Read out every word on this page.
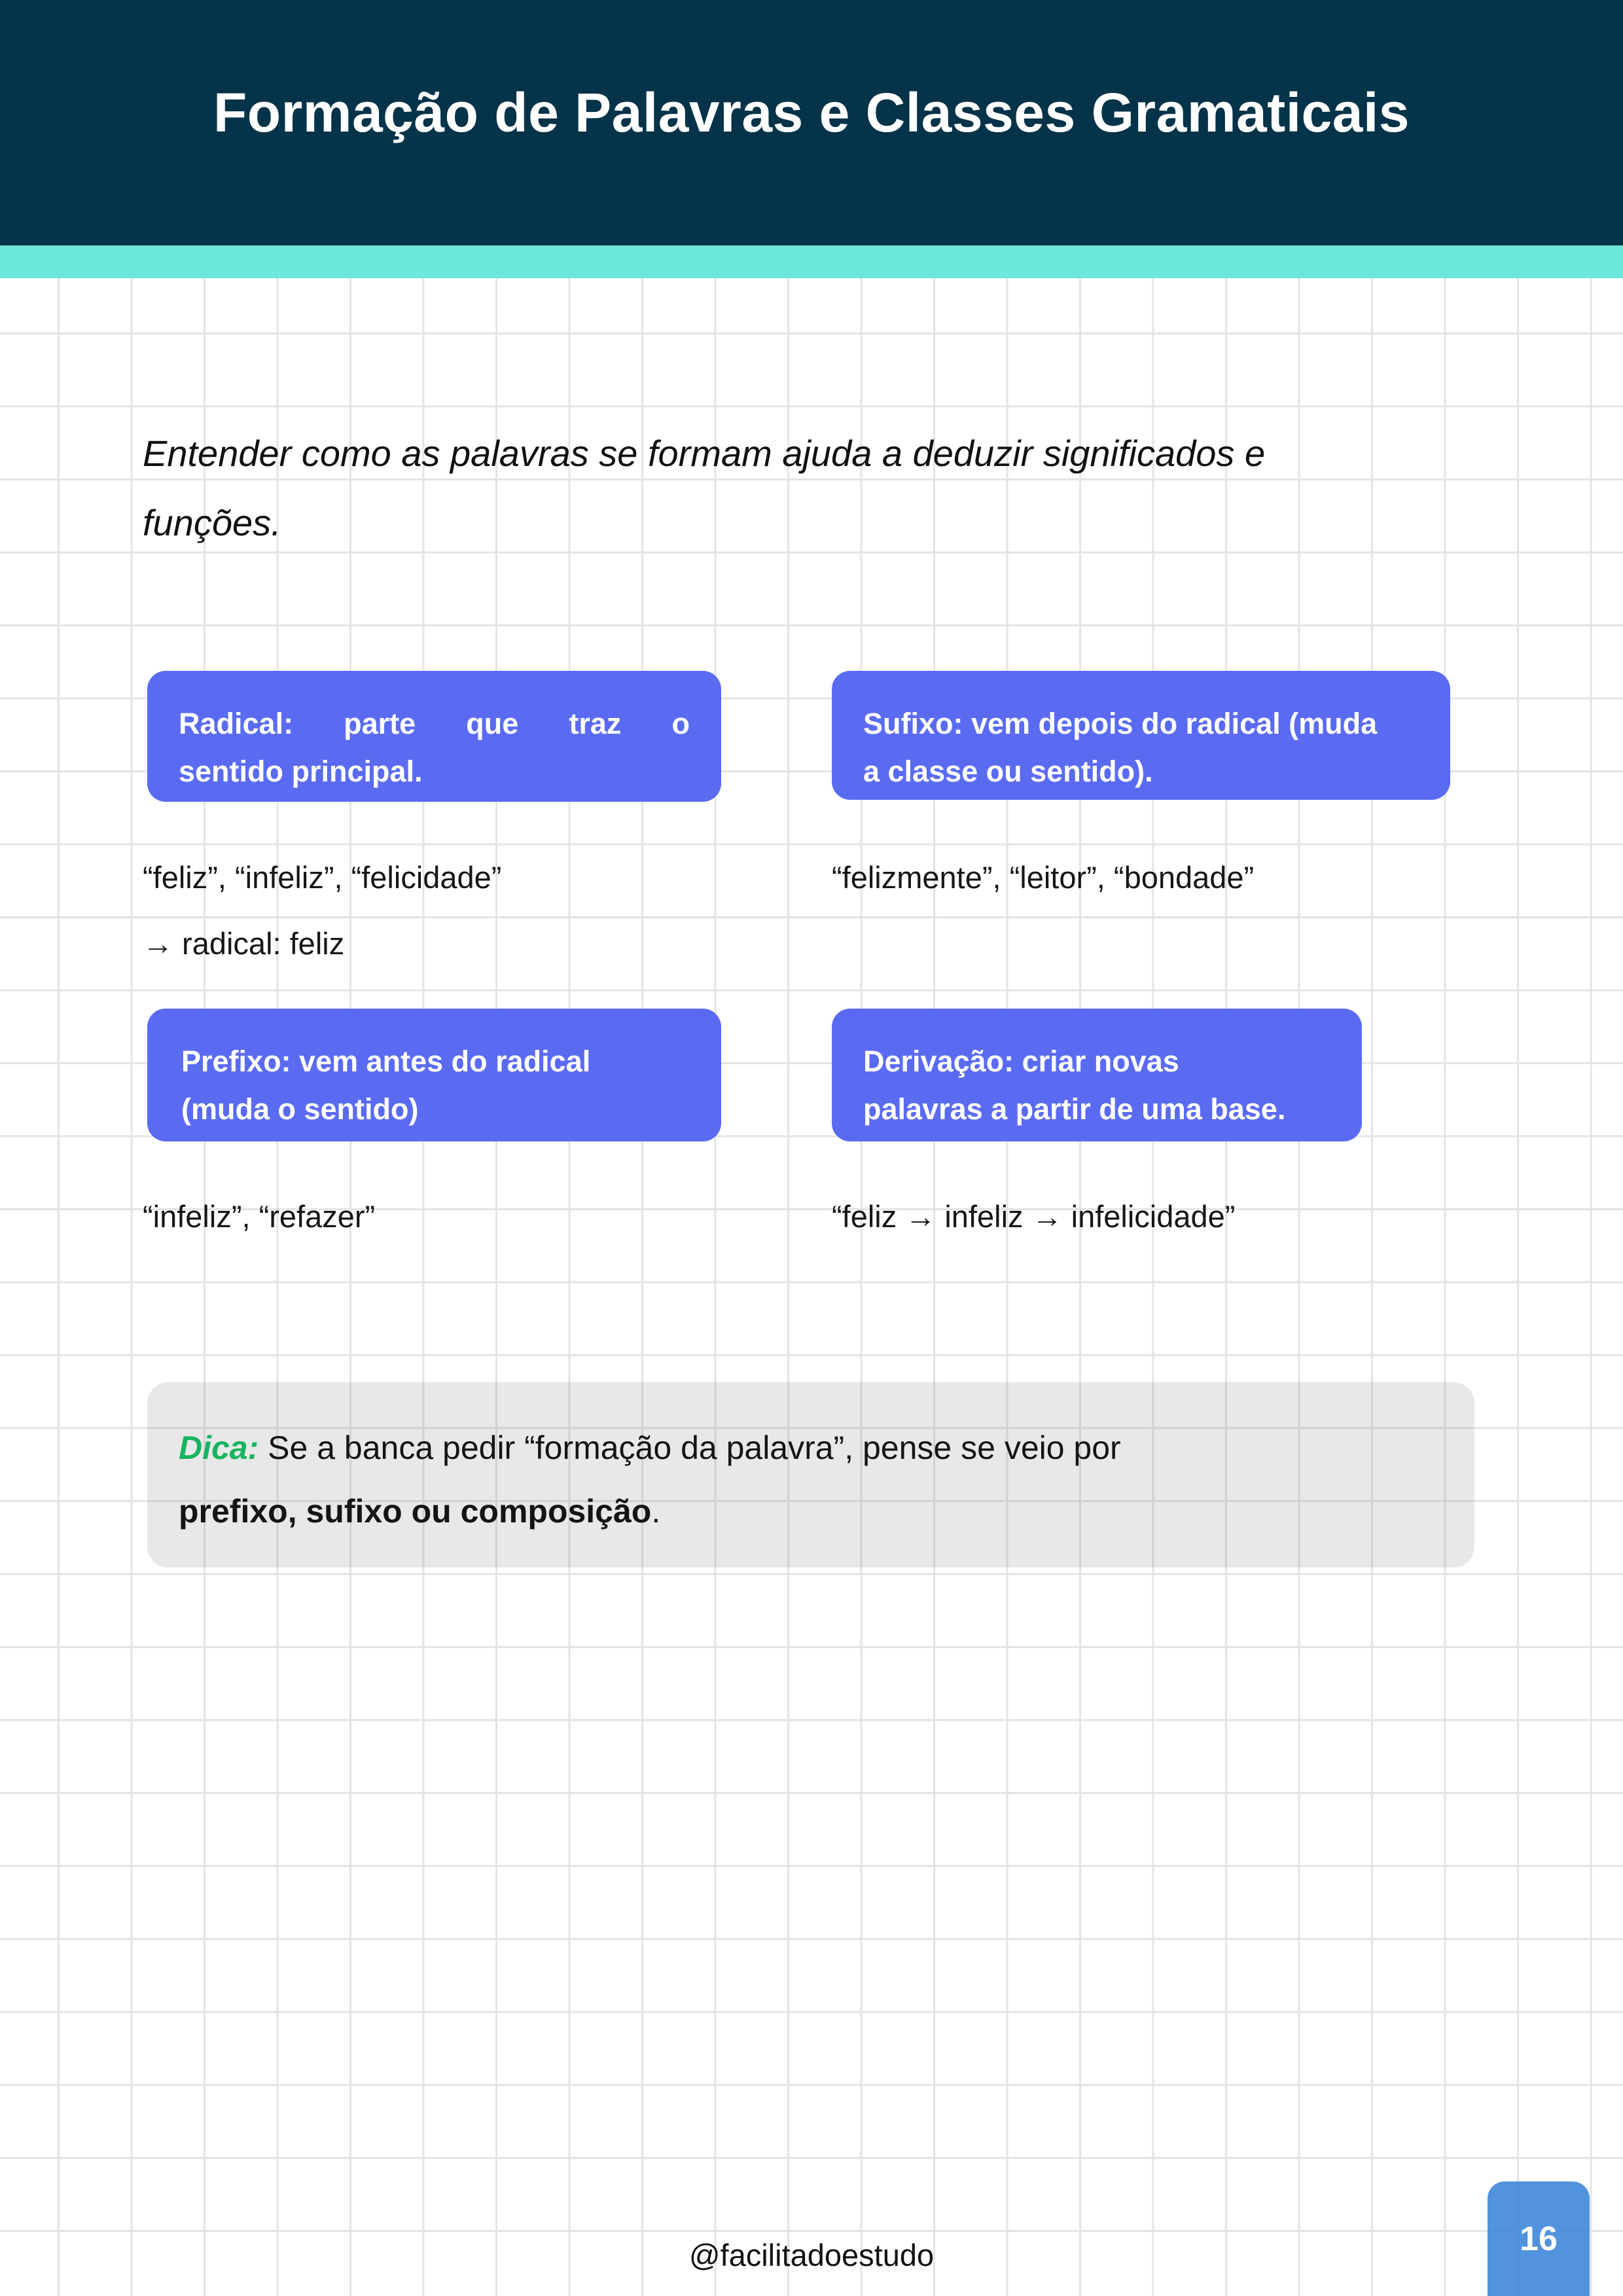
Formação de Palavras e Classes Gramaticais
Entender como as palavras se formam ajuda a deduzir significados e
funções.
Radical: parte que traz o
sentido principal.
Sufixo: vem depois do radical (muda
a classe ou sentido).
“feliz”, “infeliz”, “felicidade”
→ radical: feliz
“felizmente”, “leitor”, “bondade”
Prefixo: vem antes do radical
(muda o sentido)
Derivação: criar novas
palavras a partir de uma base.
“infeliz”, “refazer”	“feliz → infeliz → infelicidade”
Dica: Se a banca pedir “formação da palavra”, pense se veio por
prefixo, sufixo ou composição.
@facilitadoestudo	16
